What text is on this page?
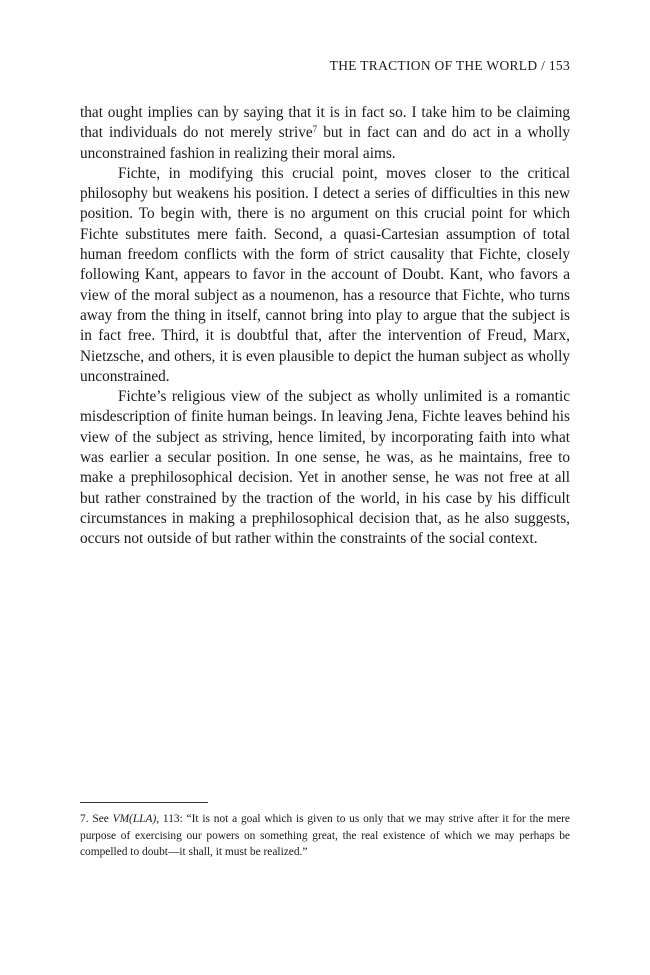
THE TRACTION OF THE WORLD / 153

that ought implies can by saying that it is in fact so. I take him to be claiming that individuals do not merely strive$^7$ but in fact can and do act in a wholly unconstrained fashion in realizing their moral aims.

Fichte, in modifying this crucial point, moves closer to the critical philosophy but weakens his position. I detect a series of difficulties in this new position. To begin with, there is no argument on this crucial point for which Fichte substitutes mere faith. Second, a quasi-Cartesian assumption of total human freedom conflicts with the form of strict causality that Fichte, closely following Kant, appears to favor in the account of Doubt. Kant, who favors a view of the moral subject as a noumenon, has a resource that Fichte, who turns away from the thing in itself, cannot bring into play to argue that the subject is in fact free. Third, it is doubtful that, after the intervention of Freud, Marx, Nietzsche, and others, it is even plausible to depict the human subject as wholly unconstrained.

Fichte’s religious view of the subject as wholly unlimited is a romantic misdescription of finite human beings. In leaving Jena, Fichte leaves behind his view of the subject as striving, hence limited, by incorporating faith into what was earlier a secular position. In one sense, he was, as he maintains, free to make a prephilosophical decision. Yet in another sense, he was not free at all but rather constrained by the traction of the world, in his case by his difficult circumstances in making a prephilosophical decision that, as he also suggests, occurs not outside of but rather within the constraints of the social context.

7. See VM(LLA), 113: “It is not a goal which is given to us only that we may strive after it for the mere purpose of exercising our powers on something great, the real existence of which we may perhaps be compelled to doubt—it shall, it must be realized.”
